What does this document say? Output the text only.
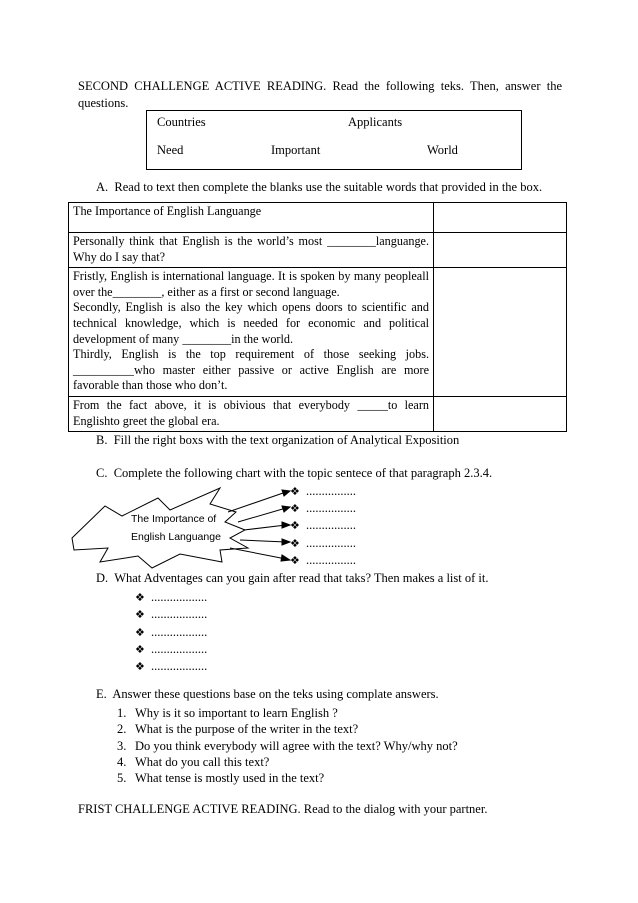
SECOND CHALLENGE ACTIVE READING. Read the following teks. Then, answer the questions.
Countries	Applicants
Need	Important	World
A. Read to text then complete the blanks use the suitable words that provided in the box.
The Importance of English Languange	

Personally think that English is the world’s most ________languange. Why do I say that?	

Fristly, English is international language. It is spoken by many peopleall over the________, either as a first or second language.
Secondly, English is also the key which opens doors to scientific and technical knowledge, which is needed for economic and political development of many ________in the world.
Thirdly, English is the top requirement of those seeking jobs. __________who master either passive or active English are more favorable than those who don’t.	

From the fact above, it is obivious that everybody _____to learn Englishto greet the global era.	

B. Fill the right boxs with the text organization of Analytical Exposition
C. Complete the following chart with the topic sentece of that paragraph 2.3.4.
The Importance of
English Languange
❖ ................
❖ ................
❖ ................
❖ ................
❖ ................
D. What Adventages can you gain after read that taks? Then makes a list of it.
❖ ..................
❖ ..................
❖ ..................
❖ ..................
❖ ..................
E. Answer these questions base on the teks using complate answers.
1. Why is it so important to learn English ?
2. What is the purpose of the writer in the text?
3. Do you think everybody will agree with the text? Why/why not?
4. What do you call this text?
5. What tense is mostly used in the text?
FRIST CHALLENGE ACTIVE READING. Read to the dialog with your partner.
